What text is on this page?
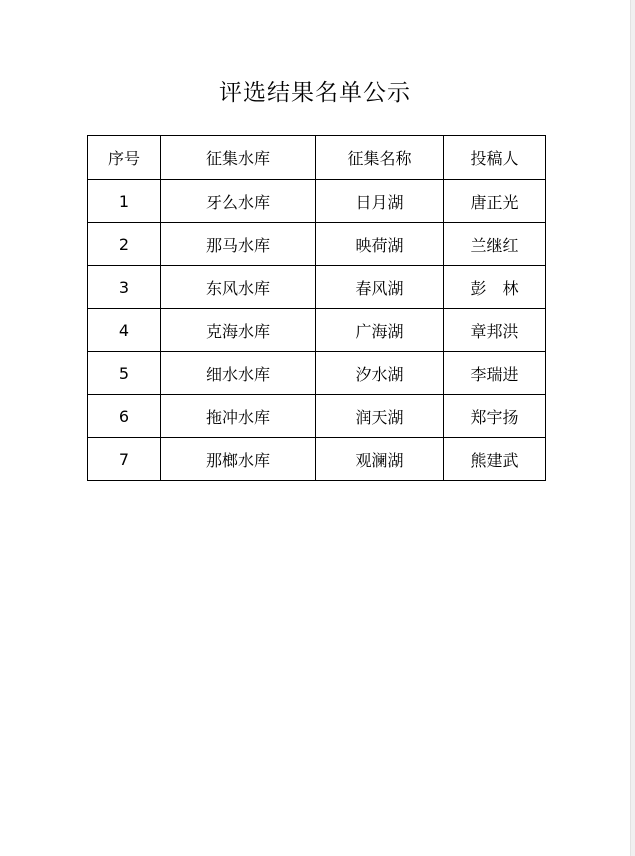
评选结果名单公示
序号	征集水库	征集名称	投稿人
1	牙么水库	日月湖	唐正光
2	那马水库	映荷湖	兰继红
3	东风水库	春风湖	彭　林
4	克海水库	广海湖	章邦洪
5	细水水库	汐水湖	李瑞进
6	拖冲水库	润天湖	郑宇扬
7	那榔水库	观澜湖	熊建武
